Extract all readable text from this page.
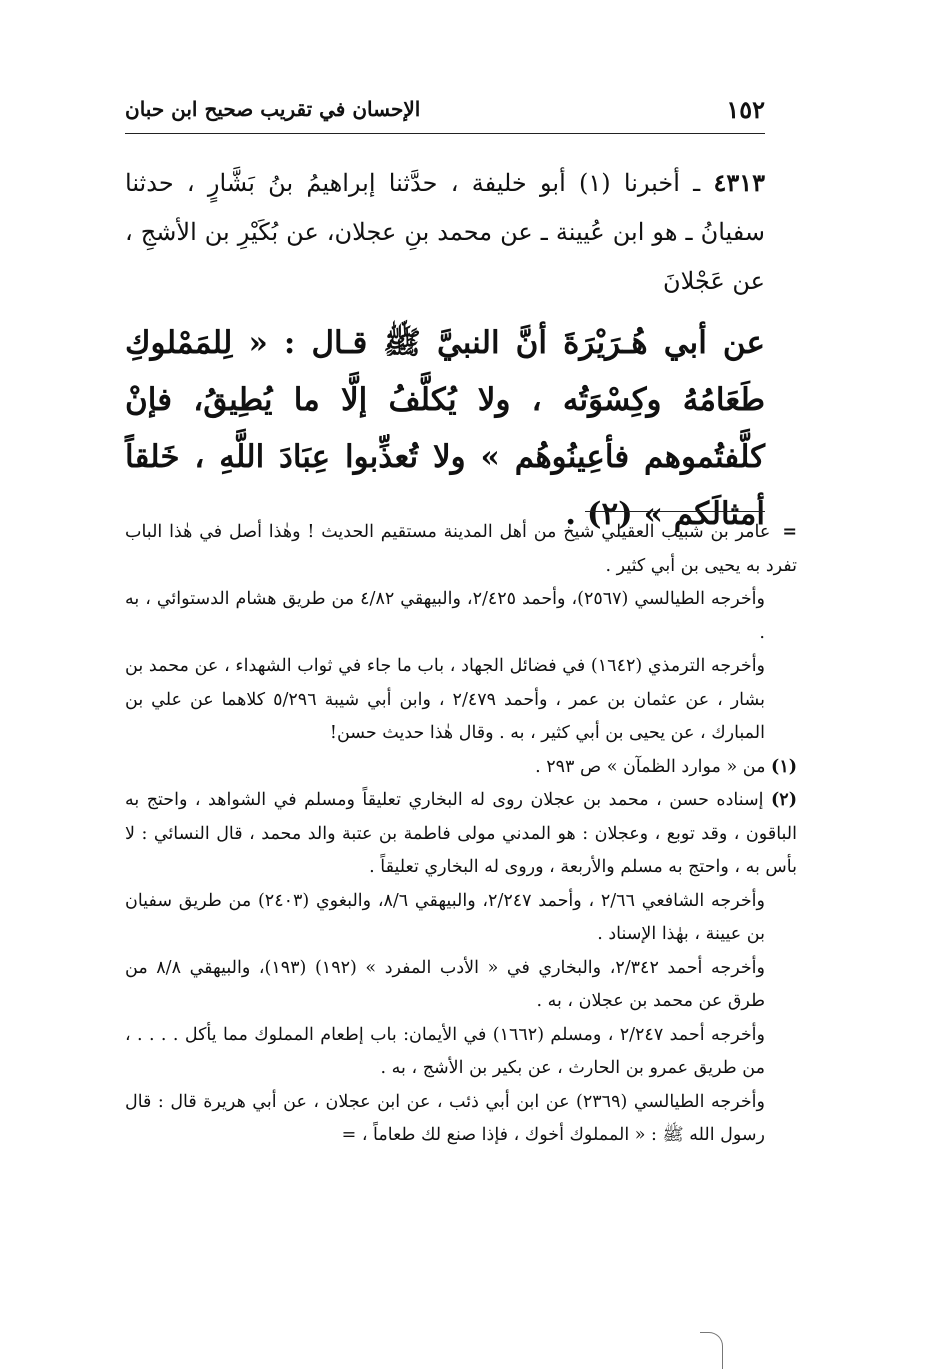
١٥٢
الإحسان في تقريب صحيح ابن حبان
٤٣١٣ ـ أخبرنا (١) أبو خليفة ، حدَّثنا إبراهيمُ بنُ بَشَّارٍ ، حدثنا سفيانُ ـ هو ابن عُيينة ـ عن محمد بنِ عجلان، عن بُكَيْرِ بن الأشجِ ، عن عَجْلانَ
عن أبي هُـرَيْرَةَ أنَّ النبيَّ ﷺ قـال : « لِلمَمْلوكِ طَعَامُهُ وكِسْوَتُه ، ولا يُكلَّفُ إلَّا ما يُطِيقُ، فإنْ كلَّفتُموهم فأعِينُوهُم » ولا تُعذِّبوا عِبَادَ اللَّهِ ، خَلقاً أمثالَكم » (٢) . =عامر بن شبيب العقيلي شيخ من أهل المدينة مستقيم الحديث ! وهٰذا أصل في هٰذا الباب تفرد به يحيى بن أبي كثير .

وأخرجه الطيالسي (٢٥٦٧)، وأحمد ٢/٤٢٥، والبيهقي ٤/٨٢ من طريق هشام الدستوائي ، به .

وأخرجه الترمذي (١٦٤٢) في فضائل الجهاد ، باب ما جاء في ثواب الشهداء ، عن محمد بن بشار ، عن عثمان بن عمر ، وأحمد ٢/٤٧٩ ، وابن أبي شيبة ٥/٢٩٦ كلاهما عن علي بن المبارك ، عن يحيى بن أبي كثير ، به . وقال هٰذا حديث حسن!

(١) من « موارد الظمآن » ص ٢٩٣ .

(٢) إسناده حسن ، محمد بن عجلان روى له البخاري تعليقاً ومسلم في الشواهد ، واحتج به الباقون ، وقد توبع ، وعجلان : هو المدني مولى فاطمة بن عتبة والد محمد ، قال النسائي : لا بأس به ، واحتج به مسلم والأربعة ، وروى له البخاري تعليقاً .

وأخرجه الشافعي ٢/٦٦ ، وأحمد ٢/٢٤٧، والبيهقي ٨/٦، والبغوي (٢٤٠٣) من طريق سفيان بن عيينة ، بهٰذا الإسناد .

وأخرجه أحمد ٢/٣٤٢، والبخاري في « الأدب المفرد » (١٩٢) (١٩٣)، والبيهقي ٨/٨ من طرق عن محمد بن عجلان ، به .

وأخرجه أحمد ٢/٢٤٧ ، ومسلم (١٦٦٢) في الأيمان: باب إطعام المملوك مما يأكل . . . . ، من طريق عمرو بن الحارث ، عن بكير بن الأشج ، به .

وأخرجه الطيالسي (٢٣٦٩) عن ابن أبي ذئب ، عن ابن عجلان ، عن أبي هريرة قال : قال رسول الله ﷺ : « المملوك أخوك ، فإذا صنع لك طعاماً ، =
